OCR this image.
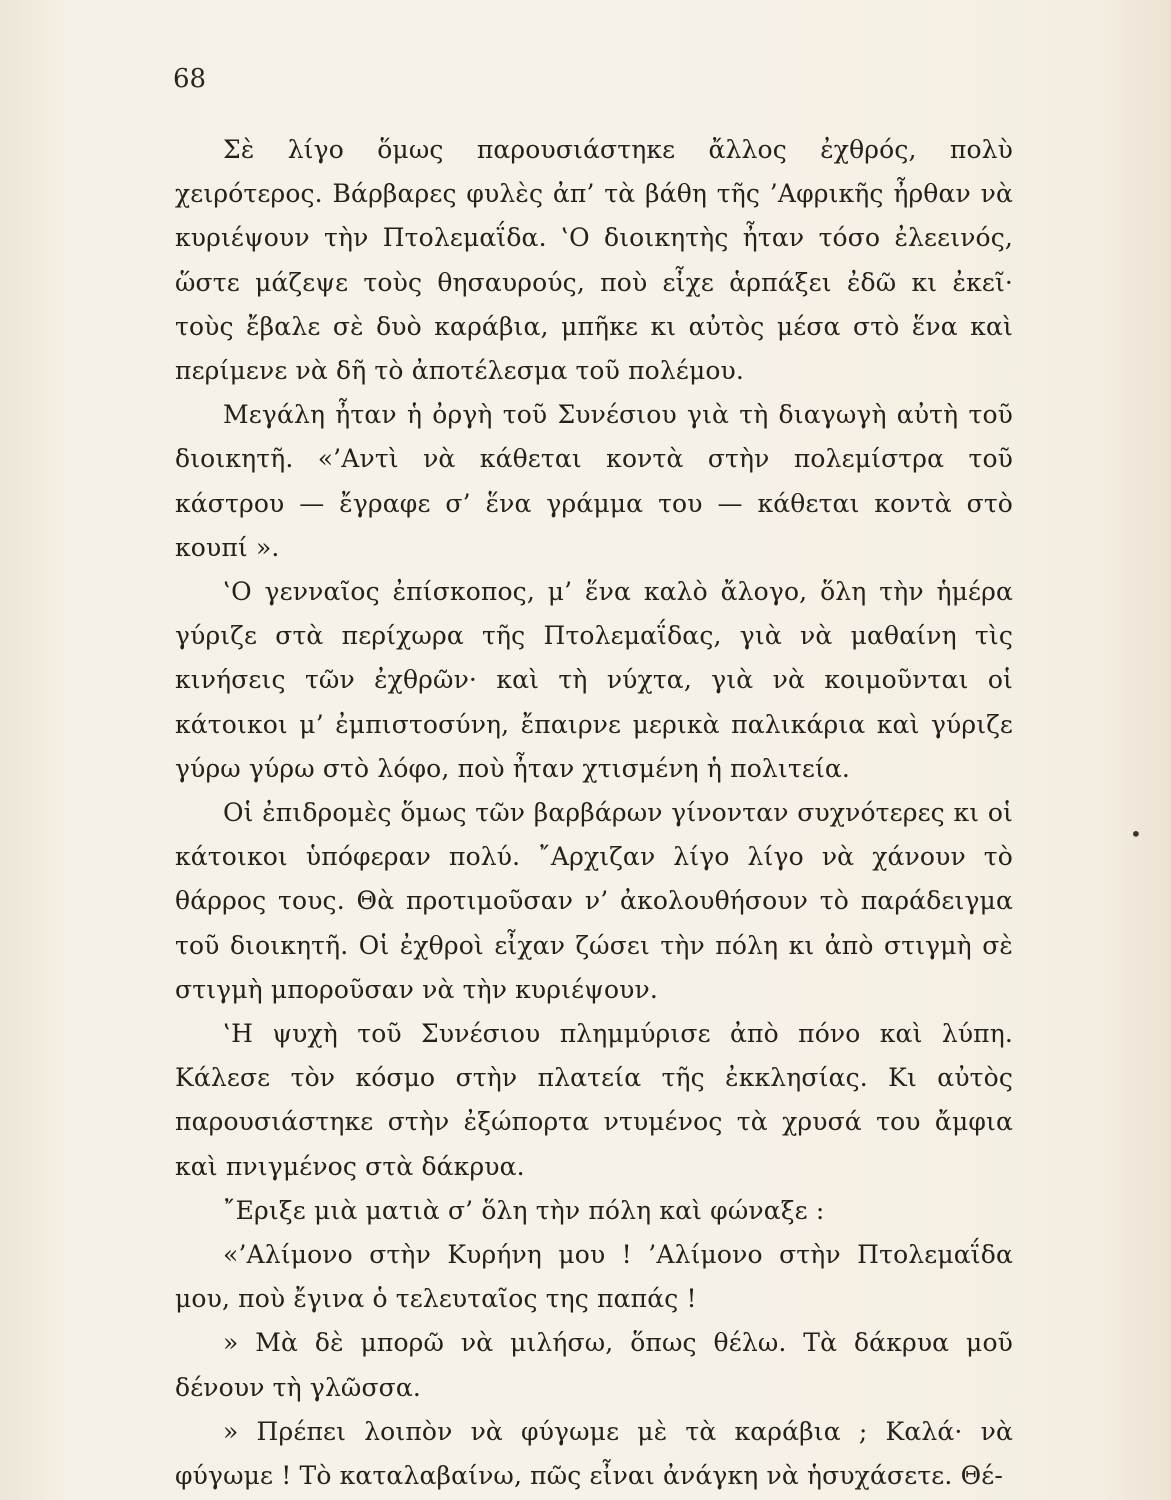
68

Σὲ λίγο ὅμως παρουσιάστηκε ἄλλος ἐχθρός, πολὺ χειρότερος. Βάρβαρες φυλὲς ἀπ’ τὰ βάθη τῆς ’Αφρικῆς ἦρθαν νὰ κυριέψουν τὴν Πτολεμαΐδα. ‛Ο διοικητὴς ἦταν τόσο ἐλεεινός, ὥστε μάζεψε τοὺς θησαυρούς, ποὺ εἶχε ἁρπάξει ἐδῶ κι ἐκεῖ· τοὺς ἔβαλε σὲ δυὸ καράβια, μπῆκε κι αὐτὸς μέσα στὸ ἕνα καὶ περίμενε νὰ δῆ τὸ ἀποτέλεσμα τοῦ πολέμου.

Μεγάλη ἦταν ἡ ὀργὴ τοῦ Συνέσιου γιὰ τὴ διαγωγὴ αὐτὴ τοῦ διοικητῆ. «’Αντὶ νὰ κάθεται κοντὰ στὴν πολεμίστρα τοῦ κάστρου — ἔγραφε σ’ ἕνα γράμμα του — κάθεται κοντὰ στὸ κουπί ».

‛Ο γενναῖος ἐπίσκοπος, μ’ ἕνα καλὸ ἄλογο, ὅλη τὴν ἡμέρα γύριζε στὰ περίχωρα τῆς Πτολεμαΐδας, γιὰ νὰ μαθαίνη τὶς κινήσεις τῶν ἐχθρῶν· καὶ τὴ νύχτα, γιὰ νὰ κοιμοῦνται οἱ κάτοικοι μ’ ἐμπιστοσύνη, ἔπαιρνε μερικὰ παλικάρια καὶ γύριζε γύρω γύρω στὸ λόφο, ποὺ ἦταν χτισμένη ἡ πολιτεία.

Οἱ ἐπιδρομὲς ὅμως τῶν βαρβάρων γίνονταν συχνότερες κι οἱ κάτοικοι ὑπόφεραν πολύ. ῎Αρχιζαν λίγο λίγο νὰ χάνουν τὸ θάρρος τους. Θὰ προτιμοῦσαν ν’ ἀκολουθήσουν τὸ παράδειγμα τοῦ διοικητῆ. Οἱ ἐχθροὶ εἶχαν ζώσει τὴν πόλη κι ἀπὸ στιγμὴ σὲ στιγμὴ μποροῦσαν νὰ τὴν κυριέψουν.

‛Η ψυχὴ τοῦ Συνέσιου πλημμύρισε ἀπὸ πόνο καὶ λύπη. Κάλεσε τὸν κόσμο στὴν πλατεία τῆς ἐκκλησίας. Κι αὐτὸς παρουσιάστηκε στὴν ἐξώπορτα ντυμένος τὰ χρυσά του ἄμφια καὶ πνιγμένος στὰ δάκρυα.

῎Εριξε μιὰ ματιὰ σ’ ὅλη τὴν πόλη καὶ φώναξε :

«’Αλίμονο στὴν Κυρήνη μου ! ’Αλίμονο στὴν Πτολεμαΐδα μου, ποὺ ἔγινα ὁ τελευταῖος της παπάς !

» Μὰ δὲ μπορῶ νὰ μιλήσω, ὅπως θέλω. Τὰ δάκρυα μοῦ δένουν τὴ γλῶσσα.

» Πρέπει λοιπὸν νὰ φύγωμε μὲ τὰ καράβια ; Καλά· νὰ φύγωμε ! Τὸ καταλαβαίνω, πῶς εἶναι ἀνάγκη νὰ ἡσυχάσετε. Θέ-

•
